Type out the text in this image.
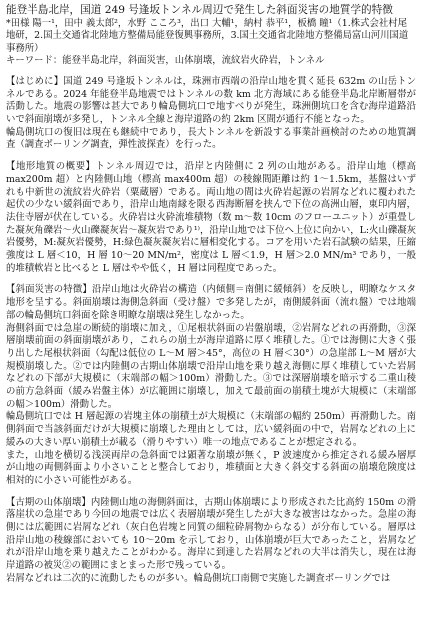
能登半島北岸，国道 249 号逢坂トンネル周辺で発生した斜面災害の地質学的特徴

*田様 陽一¹，田中 義太郎²，水野 こころ³，出口 大輔¹，納村 恭平¹，板橋 瞳¹（1.株式会社村尾地研，2.国土交通省北陸地方整備局能登復興事務所，3.国土交通省北陸地方整備局富山河川国道事務所）

キーワード：能登半島北岸，斜面災害，山体崩壊，流紋岩火砕岩，トンネル

【はじめに】国道 249 号逢坂トンネルは，珠洲市西端の沿岸山地を貫く延長 632m の山岳トンネルである。2024 年能登半島地震ではトンネルの数 km 北方海域にある能登半島北岸断層帯が活動した。地震の影響は甚大であり輪島側坑口で地すべりが発生，珠洲側坑口を含む海岸道路沿いで斜面崩壊が多発し，トンネル全線と海岸道路の約 2km 区間が通行不能となった。

輪島側坑口の復旧は現在も継続中であり，長大トンネルを新設する事業計画検討のための地質調査（調査ボーリング調査，弾性波探査）を行った。

【地形地質の概要】トンネル周辺では，沿岸と内陸側に 2 列の山地がある。沿岸山地（標高 max200m 超）と内陸側山地（標高 max400m 超）の稜線間距離は約 1〜1.5km，基盤はいずれも中新世の流紋岩火砕岩（粟蔵層）である。両山地の間は火砕岩起源の岩屑などれに覆われた起伏の少ない緩斜面であり，沿岸山地南縁を限る西海断層を挟んで下位の高洲山層，東印内層，法住寺層が伏在している。火砕岩は火砕流堆積物（数 m〜数 10cm のフローユニット）が重畳した凝灰角礫岩〜火山礫凝灰岩〜凝灰岩であり¹⁾，沿岸山地では下位へ上位に向かい，L:火山礫凝灰岩優勢，M:凝灰岩優勢，H:緑色凝灰凝灰岩に層相変化する。コアを用いた岩石試験の結果，圧縮強度は L 層＜10，H 層 10〜20 MN/m²，密度は L 層＜1.9，H 層＞2.0 MN/m³ であり，一般的堆積軟岩と比べると L 層はやや低く，H 層は同程度であった。

【斜面災害の特徴】沿岸山地は火砕岩の構造（内傾側＝南側に緩傾斜）を反映し，明瞭なケスタ地形を呈する。斜面崩壊は海側急斜面（受け盤）で多発したが，南側緩斜面（流れ盤）では地端部の輪島側坑口斜面を除き明瞭な崩壊は発生しなかった。

海側斜面では急崖の断続的崩壊に加え，①尾根状斜面の岩盤崩壊，②岩屑などれの再滑動，③深層崩壊前面の斜面崩壊があり，これらの崩土が海岸道路に厚く堆積した。①では海側に大きく張り出した尾根状斜面（勾配は低位の L〜M 層＞45°，高位の H 層＜30°）の急崖部 L〜M 層が大規模崩壊した。②では内陸側の古期山体崩壊で沿岸山地を乗り越え海側に厚く堆積していた岩屑などれの下部が大規模に（末端部の幅＞100m）滑動した。③では深層崩壊を暗示する二重山稜の前方急斜面（緩み岩盤主体）が広範囲に崩壊し，加えて最前面の崩積土塊が大規模に（末端部の幅＞100m）滑動した。

輪島側坑口では H 層起源の岩塊主体の崩積土が大規模に（末端部の幅約 250m）再滑動した。南側斜面で当該斜面だけが大規模に崩壊した理由としては，広い緩斜面の中で，岩屑などれの上に緩みの大きい厚い崩積土が載る（滑りやすい）唯一の地点であることが想定される。

また，山地を横切る浅渓両岸の急斜面では顕著な崩壊が無く，P 波速度から推定される緩み層厚が山地の両側斜面より小さいことと整合しており，堆積面と大きく斜交する斜面の崩壊危険度は相対的に小さい可能性がある。

【古期の山体崩壊】内陸側山地の海側斜面は，古期山体崩壊により形成された比高約 150m の滑落崖状の急崖であり今回の地震では広く表層崩壊が発生したが大きな被害はなかった。急崖の海側には広範囲に岩屑などれ（灰白色岩塊と同質の細粒砕屑物からなる）が分布している。層厚は沿岸山地の稜線部においても 10〜20m を示しており，山体崩壊が巨大であったこと，岩屑などれが沿岸山地を乗り越えたことがわかる。海岸に到達した岩屑などれの大半は消失し，現在は海岸道路の被災②の範囲にまとまった形で残っている。

岩屑などれは二次的に流動したものが多い。輪島側坑口南側で実施した調査ボーリングでは
